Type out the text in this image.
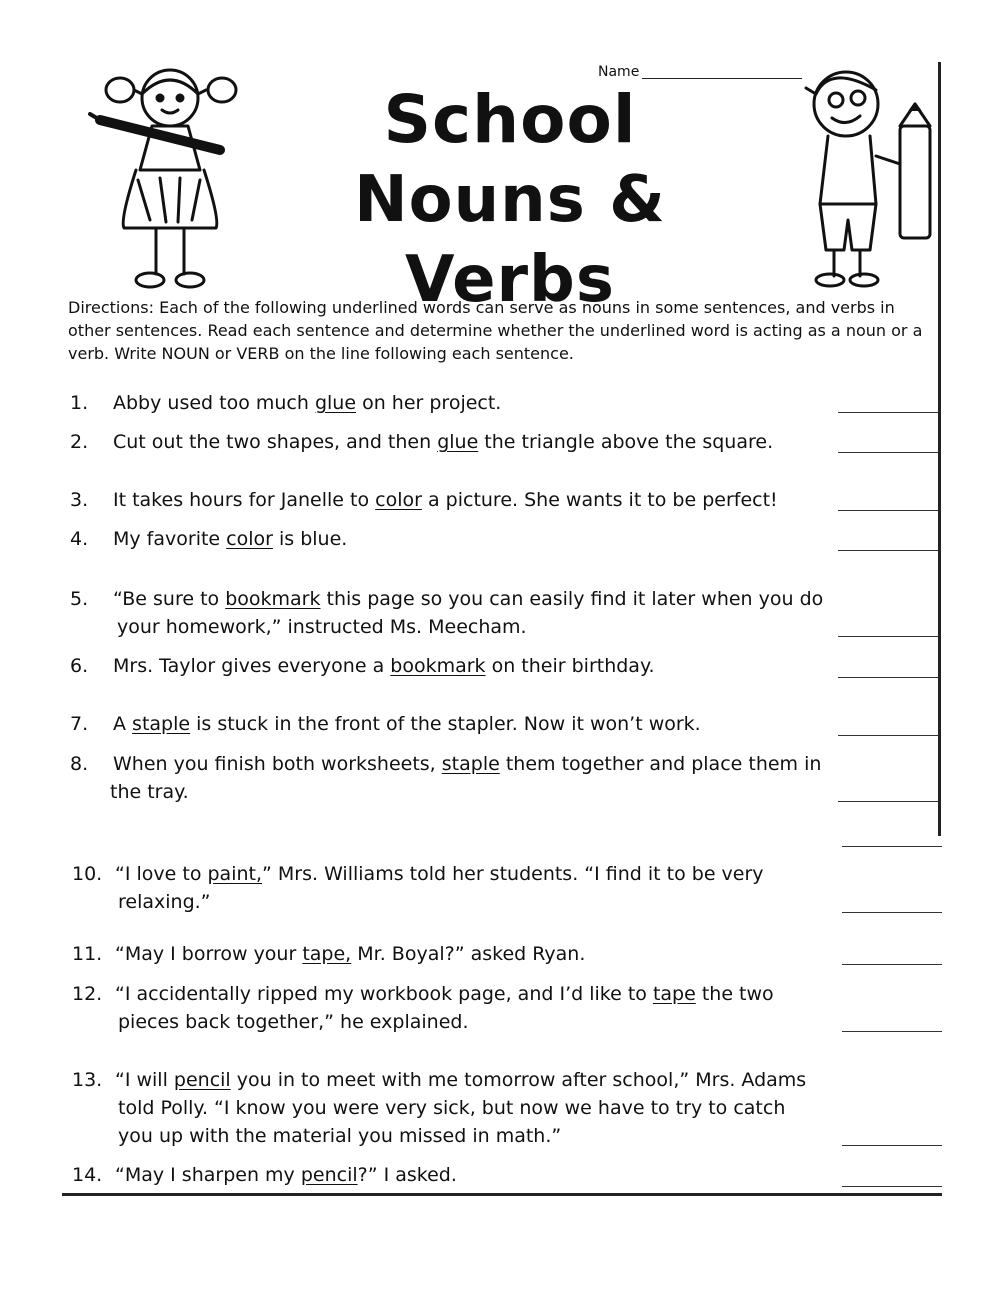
Name
School
Nouns & Verbs
Directions: Each of the following underlined words can serve as nouns in some sentences, and verbs in other sentences. Read each sentence and determine whether the underlined word is acting as a noun or a verb. Write NOUN or VERB on the line following each sentence.
1.	Abby used too much glue on her project.
2.	Cut out the two shapes, and then glue the triangle above the square.
3.	It takes hours for Janelle to color a picture. She wants it to be perfect!
4.	My favorite color is blue.
5.	“Be sure to bookmark this page so you can easily find it later when you do
your homework,” instructed Ms. Meecham.
6.	Mrs. Taylor gives everyone a bookmark on their birthday.
7.	A staple is stuck in the front of the stapler. Now it won’t work.
8.	When you finish both worksheets, staple them together and place them in
the tray.
10. “I love to paint,” Mrs. Williams told her students. “I find it to be very
relaxing.”
11. “May I borrow your tape, Mr. Boyal?” asked Ryan.
12. “I accidentally ripped my workbook page, and I’d like to tape the two
pieces back together,” he explained.
13. “I will pencil you in to meet with me tomorrow after school,” Mrs. Adams
told Polly. “I know you were very sick, but now we have to try to catch
you up with the material you missed in math.”
14. “May I sharpen my pencil?” I asked.
